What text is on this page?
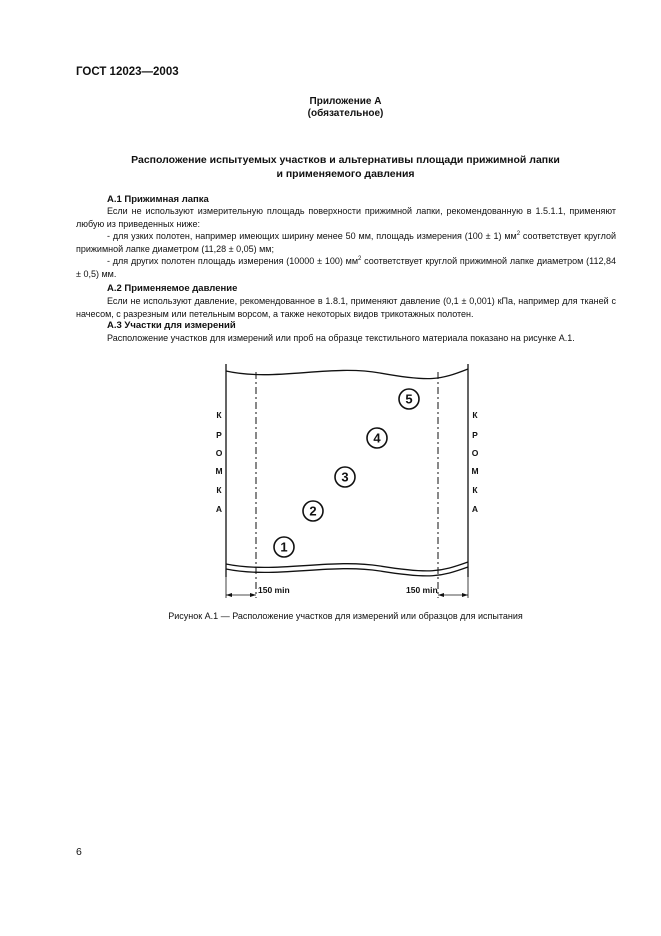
ГОСТ 12023—2003
Приложение А
(обязательное)
Расположение испытуемых участков и альтернативы площади прижимной лапки
и применяемого давления
А.1 Прижимная лапка

Если не используют измерительную площадь поверхности прижимной лапки, рекомендованную в 1.5.1.1, применяют любую из приведенных ниже:

- для узких полотен, например имеющих ширину менее 50 мм, площадь измерения (100 ± 1) $мм^2$ соответствует круглой прижимной лапке диаметром (11,28 ± 0,05) мм;

- для других полотен площадь измерения (10000 ± 100) $мм^2$ соответствует круглой прижимной лапке диаметром (112,84 ± 0,5) мм.

А.2 Применяемое давление

Если не используют давление, рекомендованное в 1.8.1, применяют давление (0,1 ± 0,001) кПа, например для тканей с начесом, с разрезным или петельным ворсом, а также некоторых видов трикотажных полотен.

А.3 Участки для измерений

Расположение участков для измерений или проб на образце текстильного материала показано на рисунке А.1.

150 min	150 min
К
Р
О
М
К
А
К
Р
О
М
К
А
1
2
3
4
5
Рисунок А.1 — Расположение участков для измерений или образцов для испытания
6
